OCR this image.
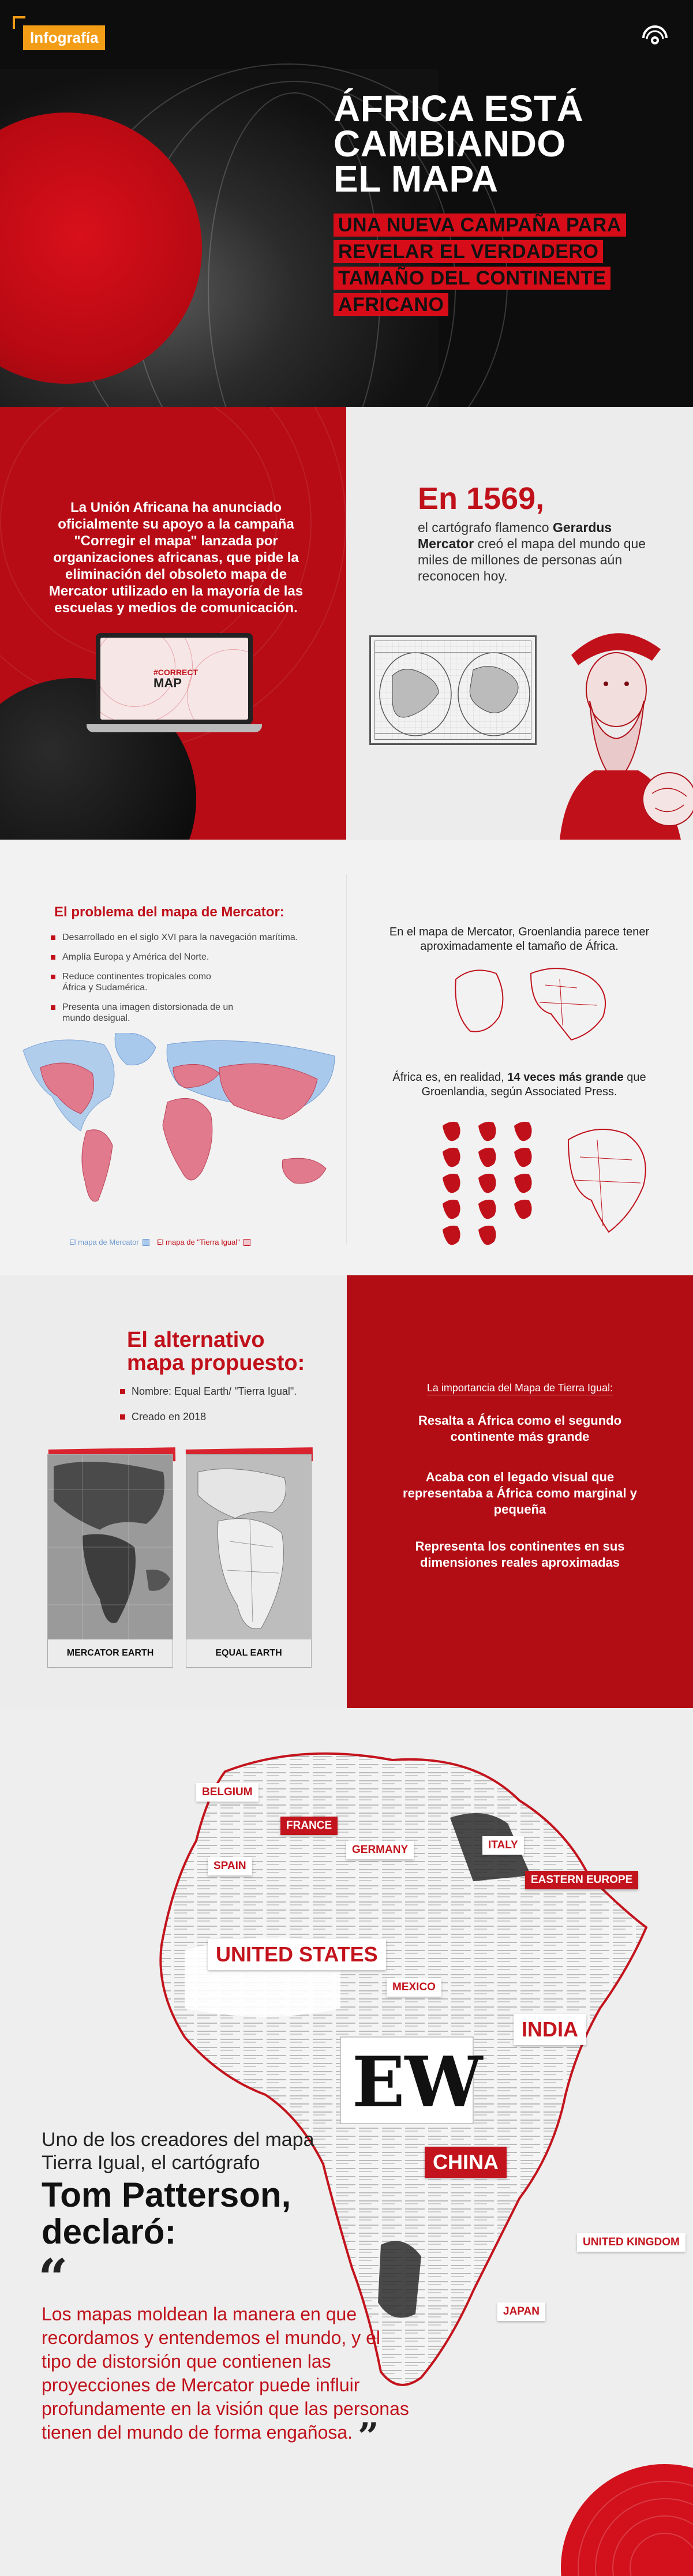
Infografía
ÁFRICA ESTÁ
CAMBIANDO
EL MAPA
UNA NUEVA CAMPAÑA PARA
REVELAR EL VERDADERO
TAMAÑO DEL CONTINENTE
AFRICANO
La Unión Africana ha anunciado oficialmente su apoyo a la campaña "Corregir el mapa" lanzada por organizaciones africanas, que pide la eliminación del obsoleto mapa de Mercator utilizado en la mayoría de las escuelas y medios de comunicación.
#CORRECT
MAP
En 1569,
el cartógrafo flamenco Gerardus Mercator creó el mapa del mundo que miles de millones de personas aún reconocen hoy.
El problema del mapa de Mercator:
Desarrollado en el siglo XVI para la navegación marítima.
Amplía Europa y América del Norte.
Reduce continentes tropicales como África y Sudamérica.
Presenta una imagen distorsionada de un mundo desigual.
El mapa de Mercator El mapa de "Tierra Igual"
En el mapa de Mercator, Groenlandia parece tener aproximadamente el tamaño de África.
África es, en realidad, 14 veces más grande que Groenlandia, según Associated Press.
El alternativo
mapa propuesto:
Nombre: Equal Earth/ "Tierra Igual".
Creado en 2018
MERCATOR EARTH	EQUAL EARTH
La importancia del Mapa de Tierra Igual:
Resalta a África como el segundo continente más grande
Acaba con el legado visual que representaba a África como marginal y pequeña
Representa los continentes en sus dimensiones reales aproximadas
EW
BELGIUM
FRANCE
SPAIN
GERMANY	ITALY
EASTERN EUROPE
UNITED STATES
MEXICO
INDIA
CHINA
UNITED KINGDOM
JAPAN
Uno de los creadores del mapa Tierra Igual, el cartógrafo
Tom Patterson, declaró:
“
Los mapas moldean la manera en que recordamos y entendemos el mundo, y el tipo de distorsión que contienen las proyecciones de Mercator puede influir profundamente en la visión que las personas tienen del mundo de forma engañosa. ”
